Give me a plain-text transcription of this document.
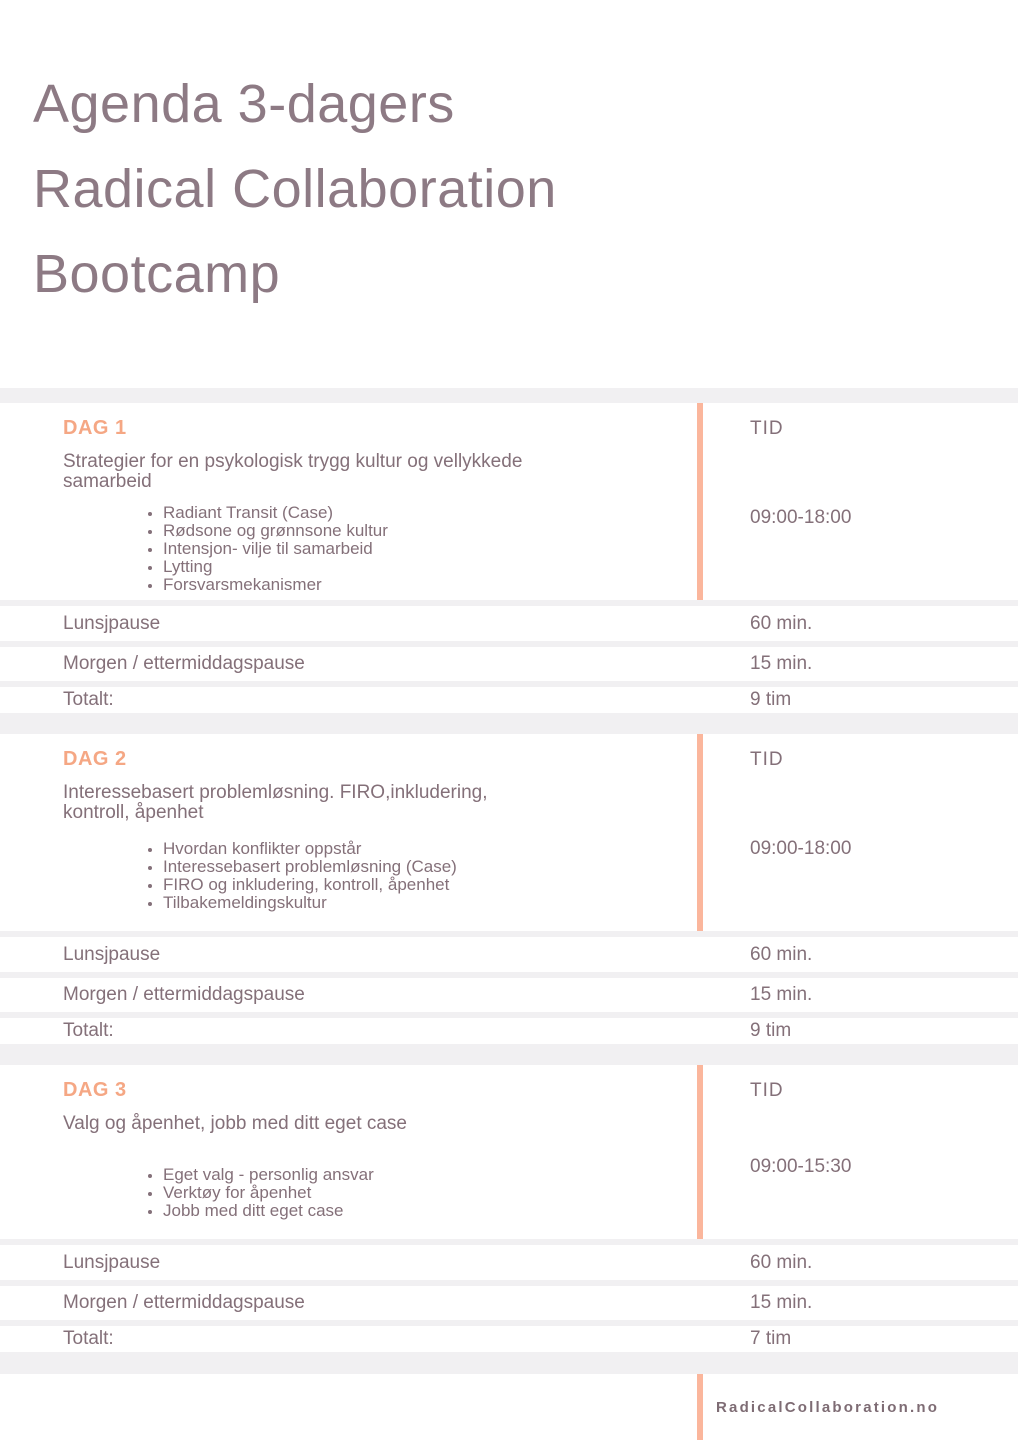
Agenda 3-dagers
Radical Collaboration
Bootcamp
DAG 1
Strategier for en psykologisk trygg kultur og vellykkede
samarbeid
• Radiant Transit (Case)
• Rødsone og grønnsone kultur
• Intensjon- vilje til samarbeid
• Lytting
• Forsvarsmekanismer
TID
09:00-18:00
Lunsjpause	60 min.
Morgen / ettermiddagspause	15 min.
Totalt:	9 tim
DAG 2
Interessebasert problemløsning. FIRO,inkludering,
kontroll, åpenhet
• Hvordan konflikter oppstår
• Interessebasert problemløsning (Case)
• FIRO og inkludering, kontroll, åpenhet
• Tilbakemeldingskultur
TID
09:00-18:00
Lunsjpause	60 min.
Morgen / ettermiddagspause	15 min.
Totalt:	9 tim
DAG 3
Valg og åpenhet, jobb med ditt eget case
• Eget valg - personlig ansvar
• Verktøy for åpenhet
• Jobb med ditt eget case
TID
09:00-15:30
Lunsjpause	60 min.
Morgen / ettermiddagspause	15 min.
Totalt:	7 tim
RadicalCollaboration.no
